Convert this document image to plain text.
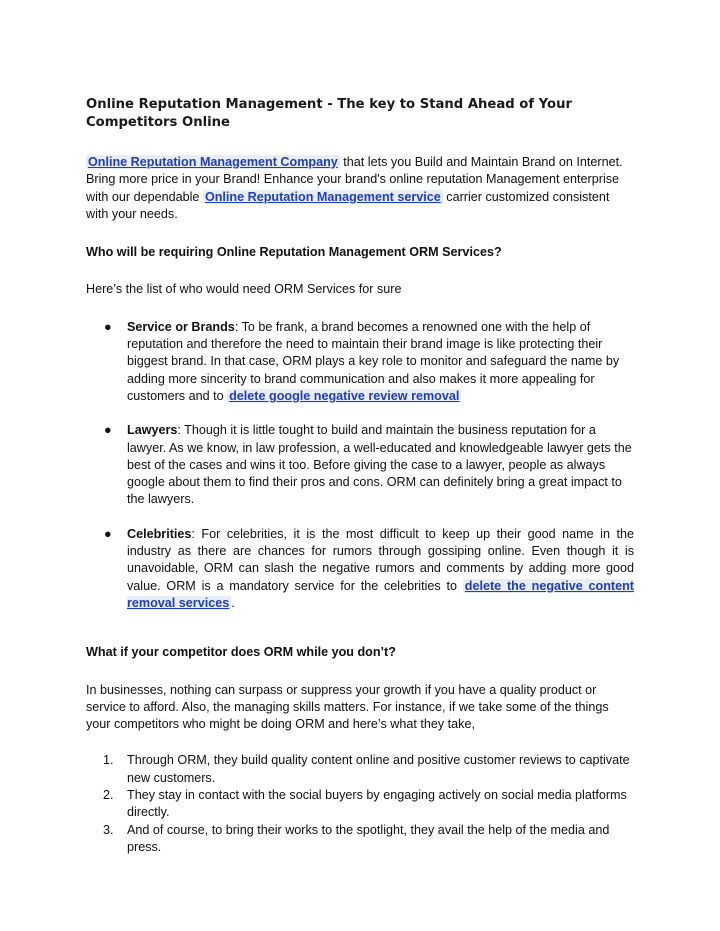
Online Reputation Management - The key to Stand Ahead of Your Competitors Online

Online Reputation Management Company that lets you Build and Maintain Brand on Internet. Bring more price in your Brand! Enhance your brand's online reputation Management enterprise with our dependable Online Reputation Management service carrier customized consistent with your needs.

Who will be requiring Online Reputation Management ORM Services?

Here’s the list of who would need ORM Services for sure

● Service or Brands: To be frank, a brand becomes a renowned one with the help of reputation and therefore the need to maintain their brand image is like protecting their biggest brand. In that case, ORM plays a key role to monitor and safeguard the name by adding more sincerity to brand communication and also makes it more appealing for customers and to delete google negative review removal
● Lawyers: Though it is little tought to build and maintain the business reputation for a lawyer. As we know, in law profession, a well-educated and knowledgeable lawyer gets the best of the cases and wins it too. Before giving the case to a lawyer, people as always google about them to find their pros and cons. ORM can definitely bring a great impact to the lawyers.
● Celebrities: For celebrities, it is the most difficult to keep up their good name in the industry as there are chances for rumors through gossiping online. Even though it is unavoidable, ORM can slash the negative rumors and comments by adding more good value. ORM is a mandatory service for the celebrities to delete the negative content removal services .

What if your competitor does ORM while you don’t?

In businesses, nothing can surpass or suppress your growth if you have a quality product or service to afford. Also, the managing skills matters. For instance, if we take some of the things your competitors who might be doing ORM and here’s what they take,

1. Through ORM, they build quality content online and positive customer reviews to captivate new customers.
2. They stay in contact with the social buyers by engaging actively on social media platforms directly.
3. And of course, to bring their works to the spotlight, they avail the help of the media and press.
